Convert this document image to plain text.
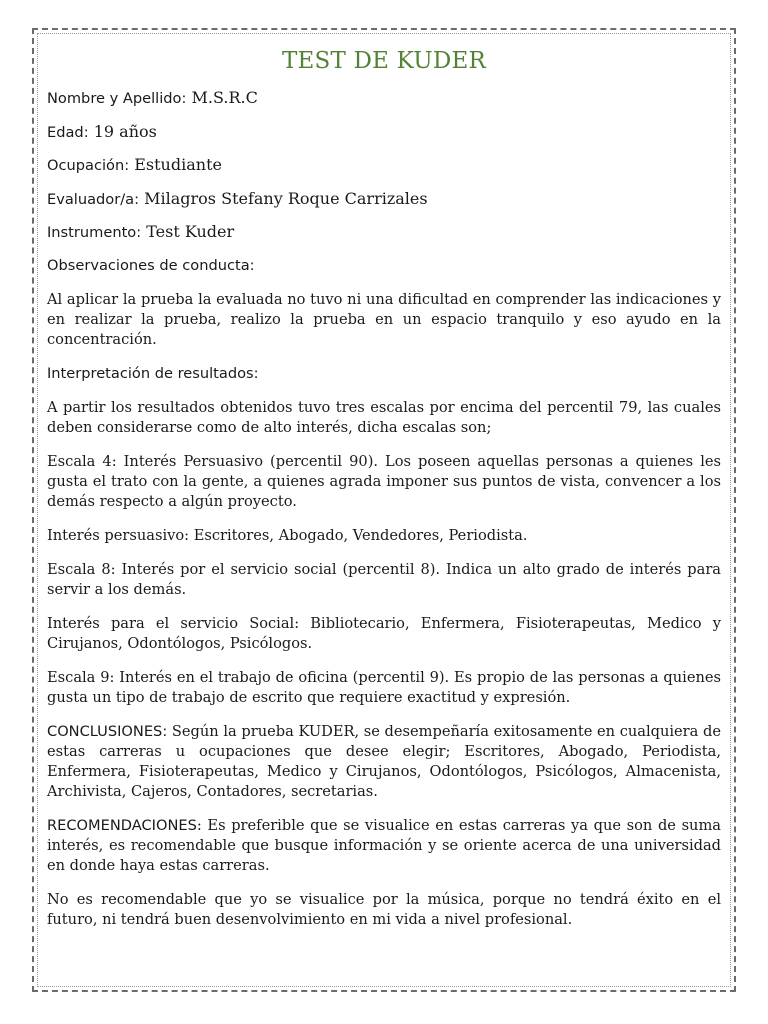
TEST DE KUDER
Nombre y Apellido: M.S.R.C
Edad: 19 años
Ocupación: Estudiante
Evaluador/a: Milagros Stefany Roque Carrizales
Instrumento: Test Kuder

Observaciones de conducta:

Al aplicar la prueba la evaluada no tuvo ni una dificultad en comprender las indicaciones y en realizar la prueba, realizo la prueba en un espacio tranquilo y eso ayudo en la concentración.

Interpretación de resultados:

A partir los resultados obtenidos tuvo tres escalas por encima del percentil 79, las cuales deben considerarse como de alto interés, dicha escalas son;

Escala 4: Interés Persuasivo (percentil 90). Los poseen aquellas personas a quienes les gusta el trato con la gente, a quienes agrada imponer sus puntos de vista, convencer a los demás respecto a algún proyecto.

Interés persuasivo: Escritores, Abogado, Vendedores, Periodista.

Escala 8: Interés por el servicio social (percentil 8). Indica un alto grado de interés para servir a los demás.

Interés para el servicio Social: Bibliotecario, Enfermera, Fisioterapeutas, Medico y Cirujanos, Odontólogos, Psicólogos.

Escala 9: Interés en el trabajo de oficina (percentil 9). Es propio de las personas a quienes gusta un tipo de trabajo de escrito que requiere exactitud y expresión.

CONCLUSIONES: Según la prueba KUDER, se desempeñaría exitosamente en cualquiera de estas carreras u ocupaciones que desee elegir; Escritores, Abogado, Periodista, Enfermera, Fisioterapeutas, Medico y Cirujanos, Odontólogos, Psicólogos, Almacenista, Archivista, Cajeros, Contadores, secretarias.

RECOMENDACIONES: Es preferible que se visualice en estas carreras ya que son de suma interés, es recomendable que busque información y se oriente acerca de una universidad en donde haya estas carreras.

No es recomendable que yo se visualice por la música, porque no tendrá éxito en el futuro, ni tendrá buen desenvolvimiento en mi vida a nivel profesional.
